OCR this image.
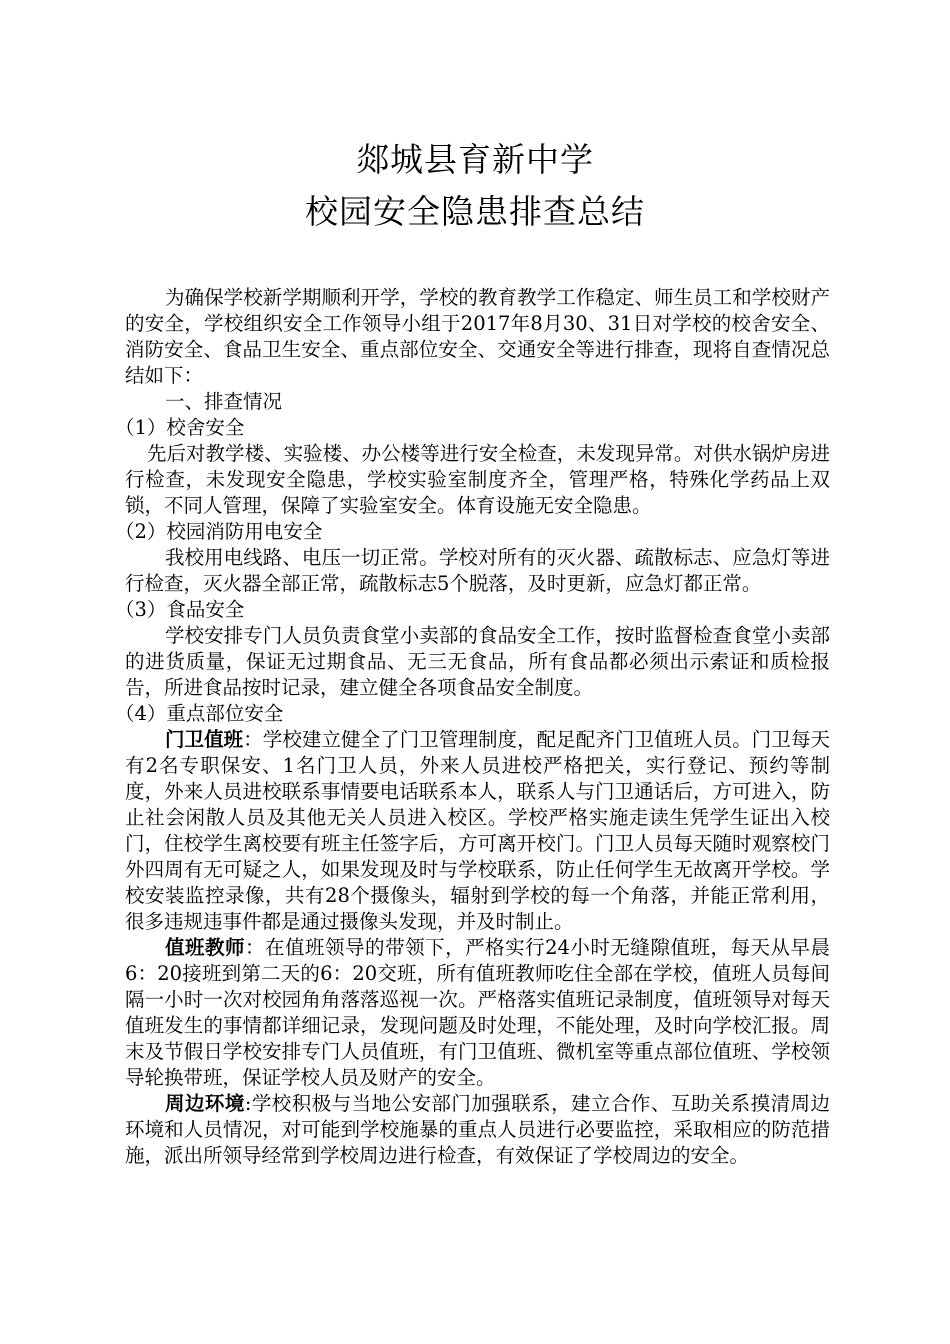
郯城县育新中学
校园安全隐患排查总结

为确保学校新学期顺利开学，学校的教育教学工作稳定、师生员工和学校财产的安全，学校组织安全工作领导小组于2017年8月30、31日对学校的校舍安全、消防安全、食品卫生安全、重点部位安全、交通安全等进行排查，现将自查情况总结如下：

一、排查情况

（1）校舍安全

先后对教学楼、实验楼、办公楼等进行安全检查，未发现异常。对供水锅炉房进行检查，未发现安全隐患，学校实验室制度齐全，管理严格，特殊化学药品上双锁，不同人管理，保障了实验室安全。体育设施无安全隐患。

（2）校园消防用电安全

我校用电线路、电压一切正常。学校对所有的灭火器、疏散标志、应急灯等进行检查，灭火器全部正常，疏散标志5个脱落，及时更新，应急灯都正常。

（3）食品安全

学校安排专门人员负责食堂小卖部的食品安全工作，按时监督检查食堂小卖部的进货质量，保证无过期食品、无三无食品，所有食品都必须出示索证和质检报告，所进食品按时记录，建立健全各项食品安全制度。

（4）重点部位安全

门卫值班：学校建立健全了门卫管理制度，配足配齐门卫值班人员。门卫每天有2名专职保安、1名门卫人员，外来人员进校严格把关，实行登记、预约等制度，外来人员进校联系事情要电话联系本人，联系人与门卫通话后，方可进入，防止社会闲散人员及其他无关人员进入校区。学校严格实施走读生凭学生证出入校门，住校学生离校要有班主任签字后，方可离开校门。门卫人员每天随时观察校门外四周有无可疑之人，如果发现及时与学校联系，防止任何学生无故离开学校。学校安装监控录像，共有28个摄像头，辐射到学校的每一个角落，并能正常利用，很多违规违事件都是通过摄像头发现，并及时制止。

值班教师：在值班领导的带领下，严格实行24小时无缝隙值班，每天从早晨6：20接班到第二天的6：20交班，所有值班教师吃住全部在学校，值班人员每间隔一小时一次对校园角角落落巡视一次。严格落实值班记录制度，值班领导对每天值班发生的事情都详细记录，发现问题及时处理，不能处理，及时向学校汇报。周末及节假日学校安排专门人员值班，有门卫值班、微机室等重点部位值班、学校领导轮换带班，保证学校人员及财产的安全。

周边环境:学校积极与当地公安部门加强联系，建立合作、互助关系摸清周边环境和人员情况，对可能到学校施暴的重点人员进行必要监控，采取相应的防范措施，派出所领导经常到学校周边进行检查，有效保证了学校周边的安全。
